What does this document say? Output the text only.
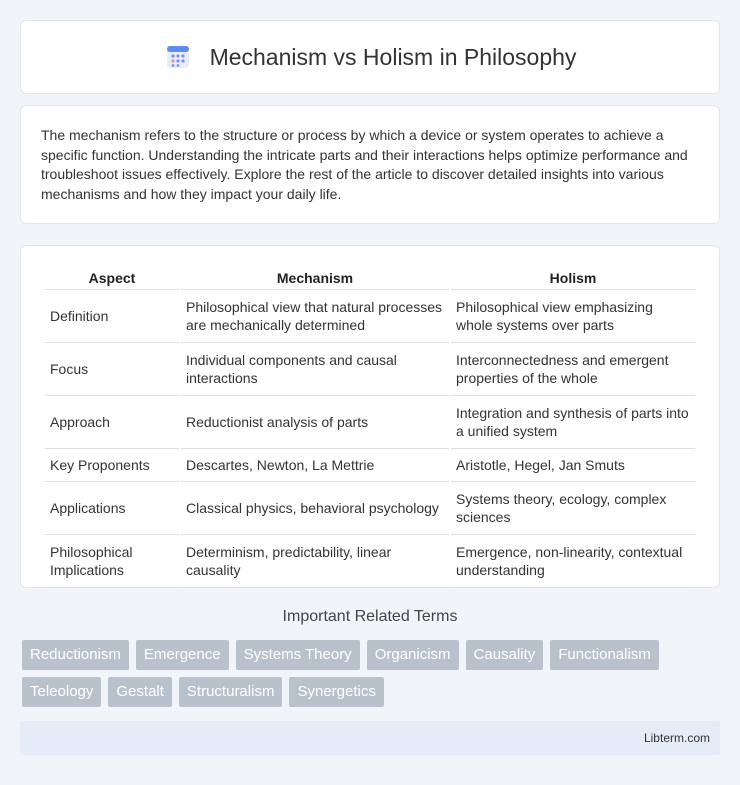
Mechanism vs Holism in Philosophy

The mechanism refers to the structure or process by which a device or system operates to achieve a specific function. Understanding the intricate parts and their interactions helps optimize performance and troubleshoot issues effectively. Explore the rest of the article to discover detailed insights into various mechanisms and how they impact your daily life.

Aspect	Mechanism	Holism
Definition	Philosophical view that natural processes are mechanically determined	Philosophical view emphasizing whole systems over parts
Focus	Individual components and causal interactions	Interconnectedness and emergent properties of the whole
Approach	Reductionist analysis of parts	Integration and synthesis of parts into a unified system
Key Proponents	Descartes, Newton, La Mettrie	Aristotle, Hegel, Jan Smuts
Applications	Classical physics, behavioral psychology	Systems theory, ecology, complex sciences
Philosophical Implications	Determinism, predictability, linear causality	Emergence, non-linearity, contextual understanding
Important Related Terms
Reductionism	Emergence	Systems Theory	Organicism	Causality	Functionalism
Teleology	Gestalt	Structuralism	Synergetics
Libterm.com
